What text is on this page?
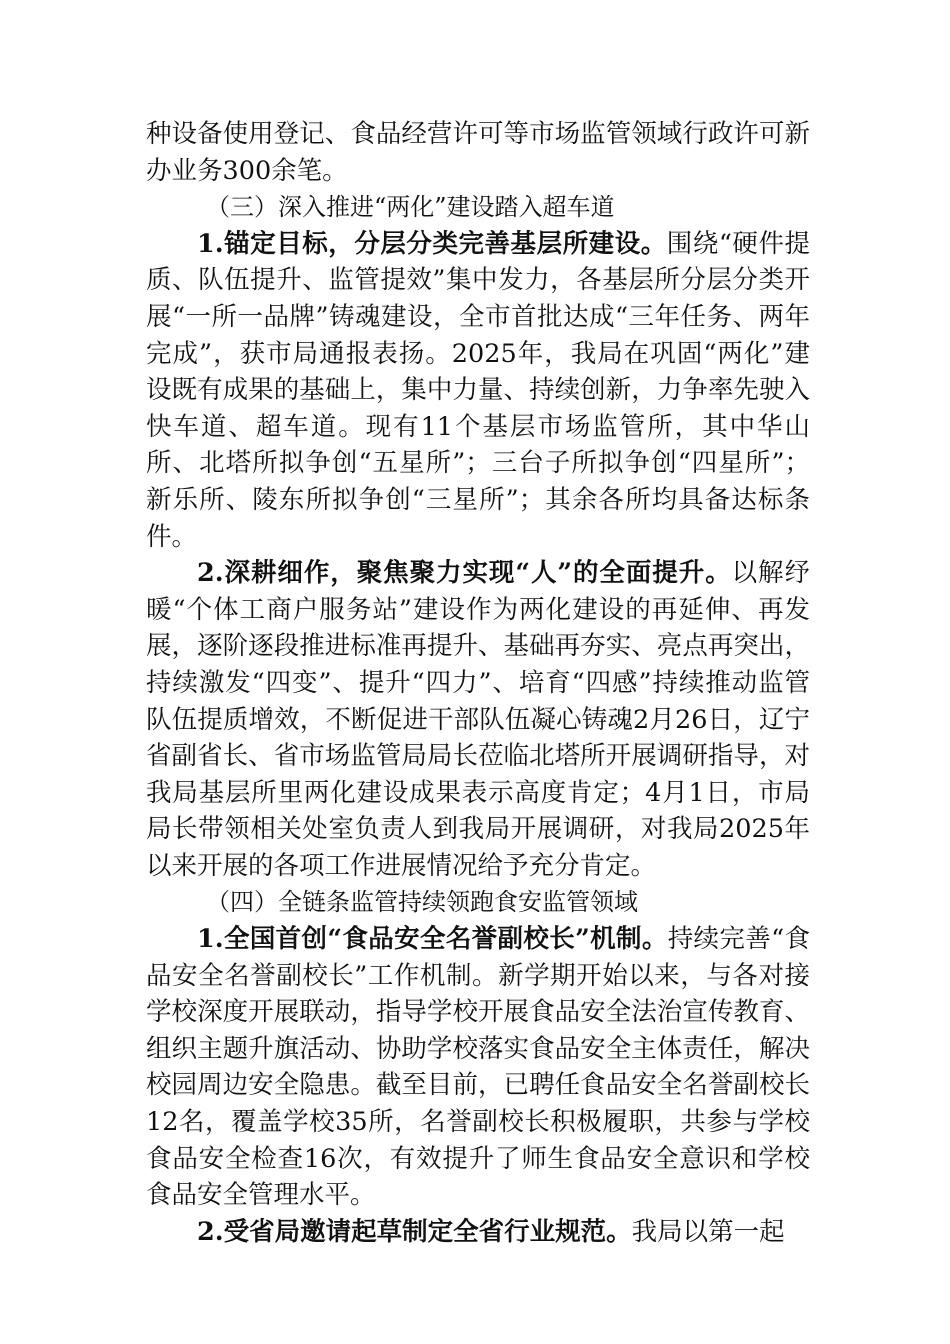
种设备使用登记、食品经营许可等市场监管领域行政许可新办业务300余笔。

（三）深入推进“两化”建设踏入超车道

1.锚定目标，分层分类完善基层所建设。围绕“硬件提质、队伍提升、监管提效”集中发力，各基层所分层分类开展“一所一品牌”铸魂建设，全市首批达成“三年任务、两年完成”，获市局通报表扬。2025年，我局在巩固“两化”建设既有成果的基础上，集中力量、持续创新，力争率先驶入快车道、超车道。现有11个基层市场监管所，其中华山所、北塔所拟争创“五星所”；三台子所拟争创“四星所”；新乐所、陵东所拟争创“三星所”；其余各所均具备达标条件。

2.深耕细作，聚焦聚力实现“人”的全面提升。以解纾暖“个体工商户服务站”建设作为两化建设的再延伸、再发展，逐阶逐段推进标准再提升、基础再夯实、亮点再突出，持续激发“四变”、提升“四力”、培育“四感”持续推动监管队伍提质增效，不断促进干部队伍凝心铸魂2月26日，辽宁省副省长、省市场监管局局长莅临北塔所开展调研指导，对我局基层所里两化建设成果表示高度肯定；4月1日，市局局长带领相关处室负责人到我局开展调研，对我局2025年以来开展的各项工作进展情况给予充分肯定。

（四）全链条监管持续领跑食安监管领域

1.全国首创“食品安全名誉副校长”机制。持续完善“食品安全名誉副校长”工作机制。新学期开始以来，与各对接学校深度开展联动，指导学校开展食品安全法治宣传教育、组织主题升旗活动、协助学校落实食品安全主体责任，解决校园周边安全隐患。截至目前，已聘任食品安全名誉副校长12名，覆盖学校35所，名誉副校长积极履职，共参与学校食品安全检查16次，有效提升了师生食品安全意识和学校食品安全管理水平。

2.受省局邀请起草制定全省行业规范。我局以第一起
